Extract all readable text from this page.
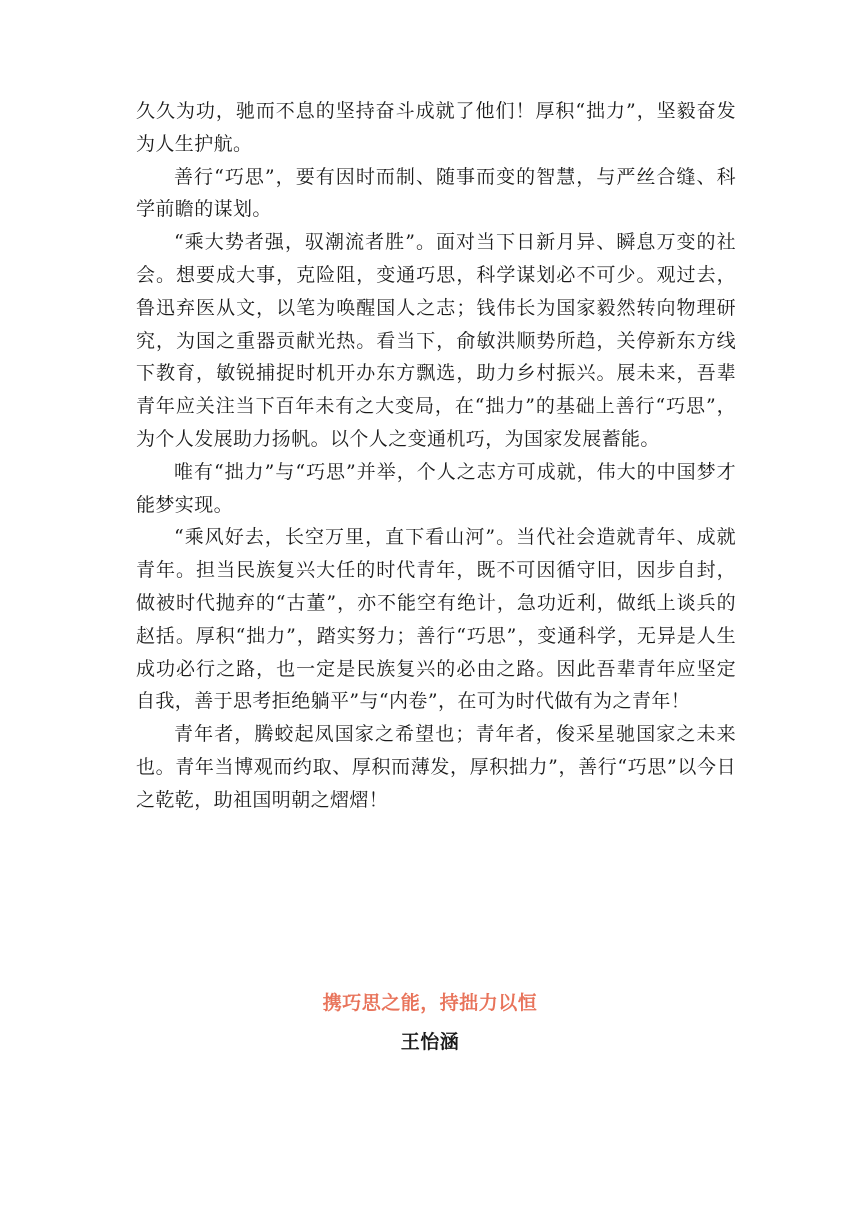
久久为功，驰而不息的坚持奋斗成就了他们！厚积“拙力”，坚毅奋发为人生护航。

善行“巧思”，要有因时而制、随事而变的智慧，与严丝合缝、科学前瞻的谋划。

“乘大势者强，驭潮流者胜”。面对当下日新月异、瞬息万变的社会。想要成大事，克险阻，变通巧思，科学谋划必不可少。观过去，鲁迅弃医从文，以笔为唤醒国人之志；钱伟长为国家毅然转向物理研究，为国之重器贡献光热。看当下，俞敏洪顺势所趋，关停新东方线下教育，敏锐捕捉时机开办东方飘选，助力乡村振兴。展未来，吾辈青年应关注当下百年未有之大变局，在“拙力”的基础上善行“巧思”，为个人发展助力扬帆。以个人之变通机巧，为国家发展蓄能。

唯有“拙力”与“巧思”并举，个人之志方可成就，伟大的中国梦才能梦实现。

“乘风好去，长空万里，直下看山河”。当代社会造就青年、成就青年。担当民族复兴大任的时代青年，既不可因循守旧，因步自封，做被时代抛弃的“古董”，亦不能空有绝计，急功近利，做纸上谈兵的赵括。厚积“拙力”，踏实努力；善行“巧思”，变通科学，无异是人生成功必行之路，也一定是民族复兴的必由之路。因此吾辈青年应坚定自我，善于思考拒绝躺平”与“内卷”，在可为时代做有为之青年！

青年者，腾蛟起凤国家之希望也；青年者，俊采星驰国家之未来也。青年当博观而约取、厚积而薄发，厚积拙力”，善行“巧思”以今日之乾乾，助祖国明朝之熠熠！

携巧思之能，持拙力以恒
王怡涵
